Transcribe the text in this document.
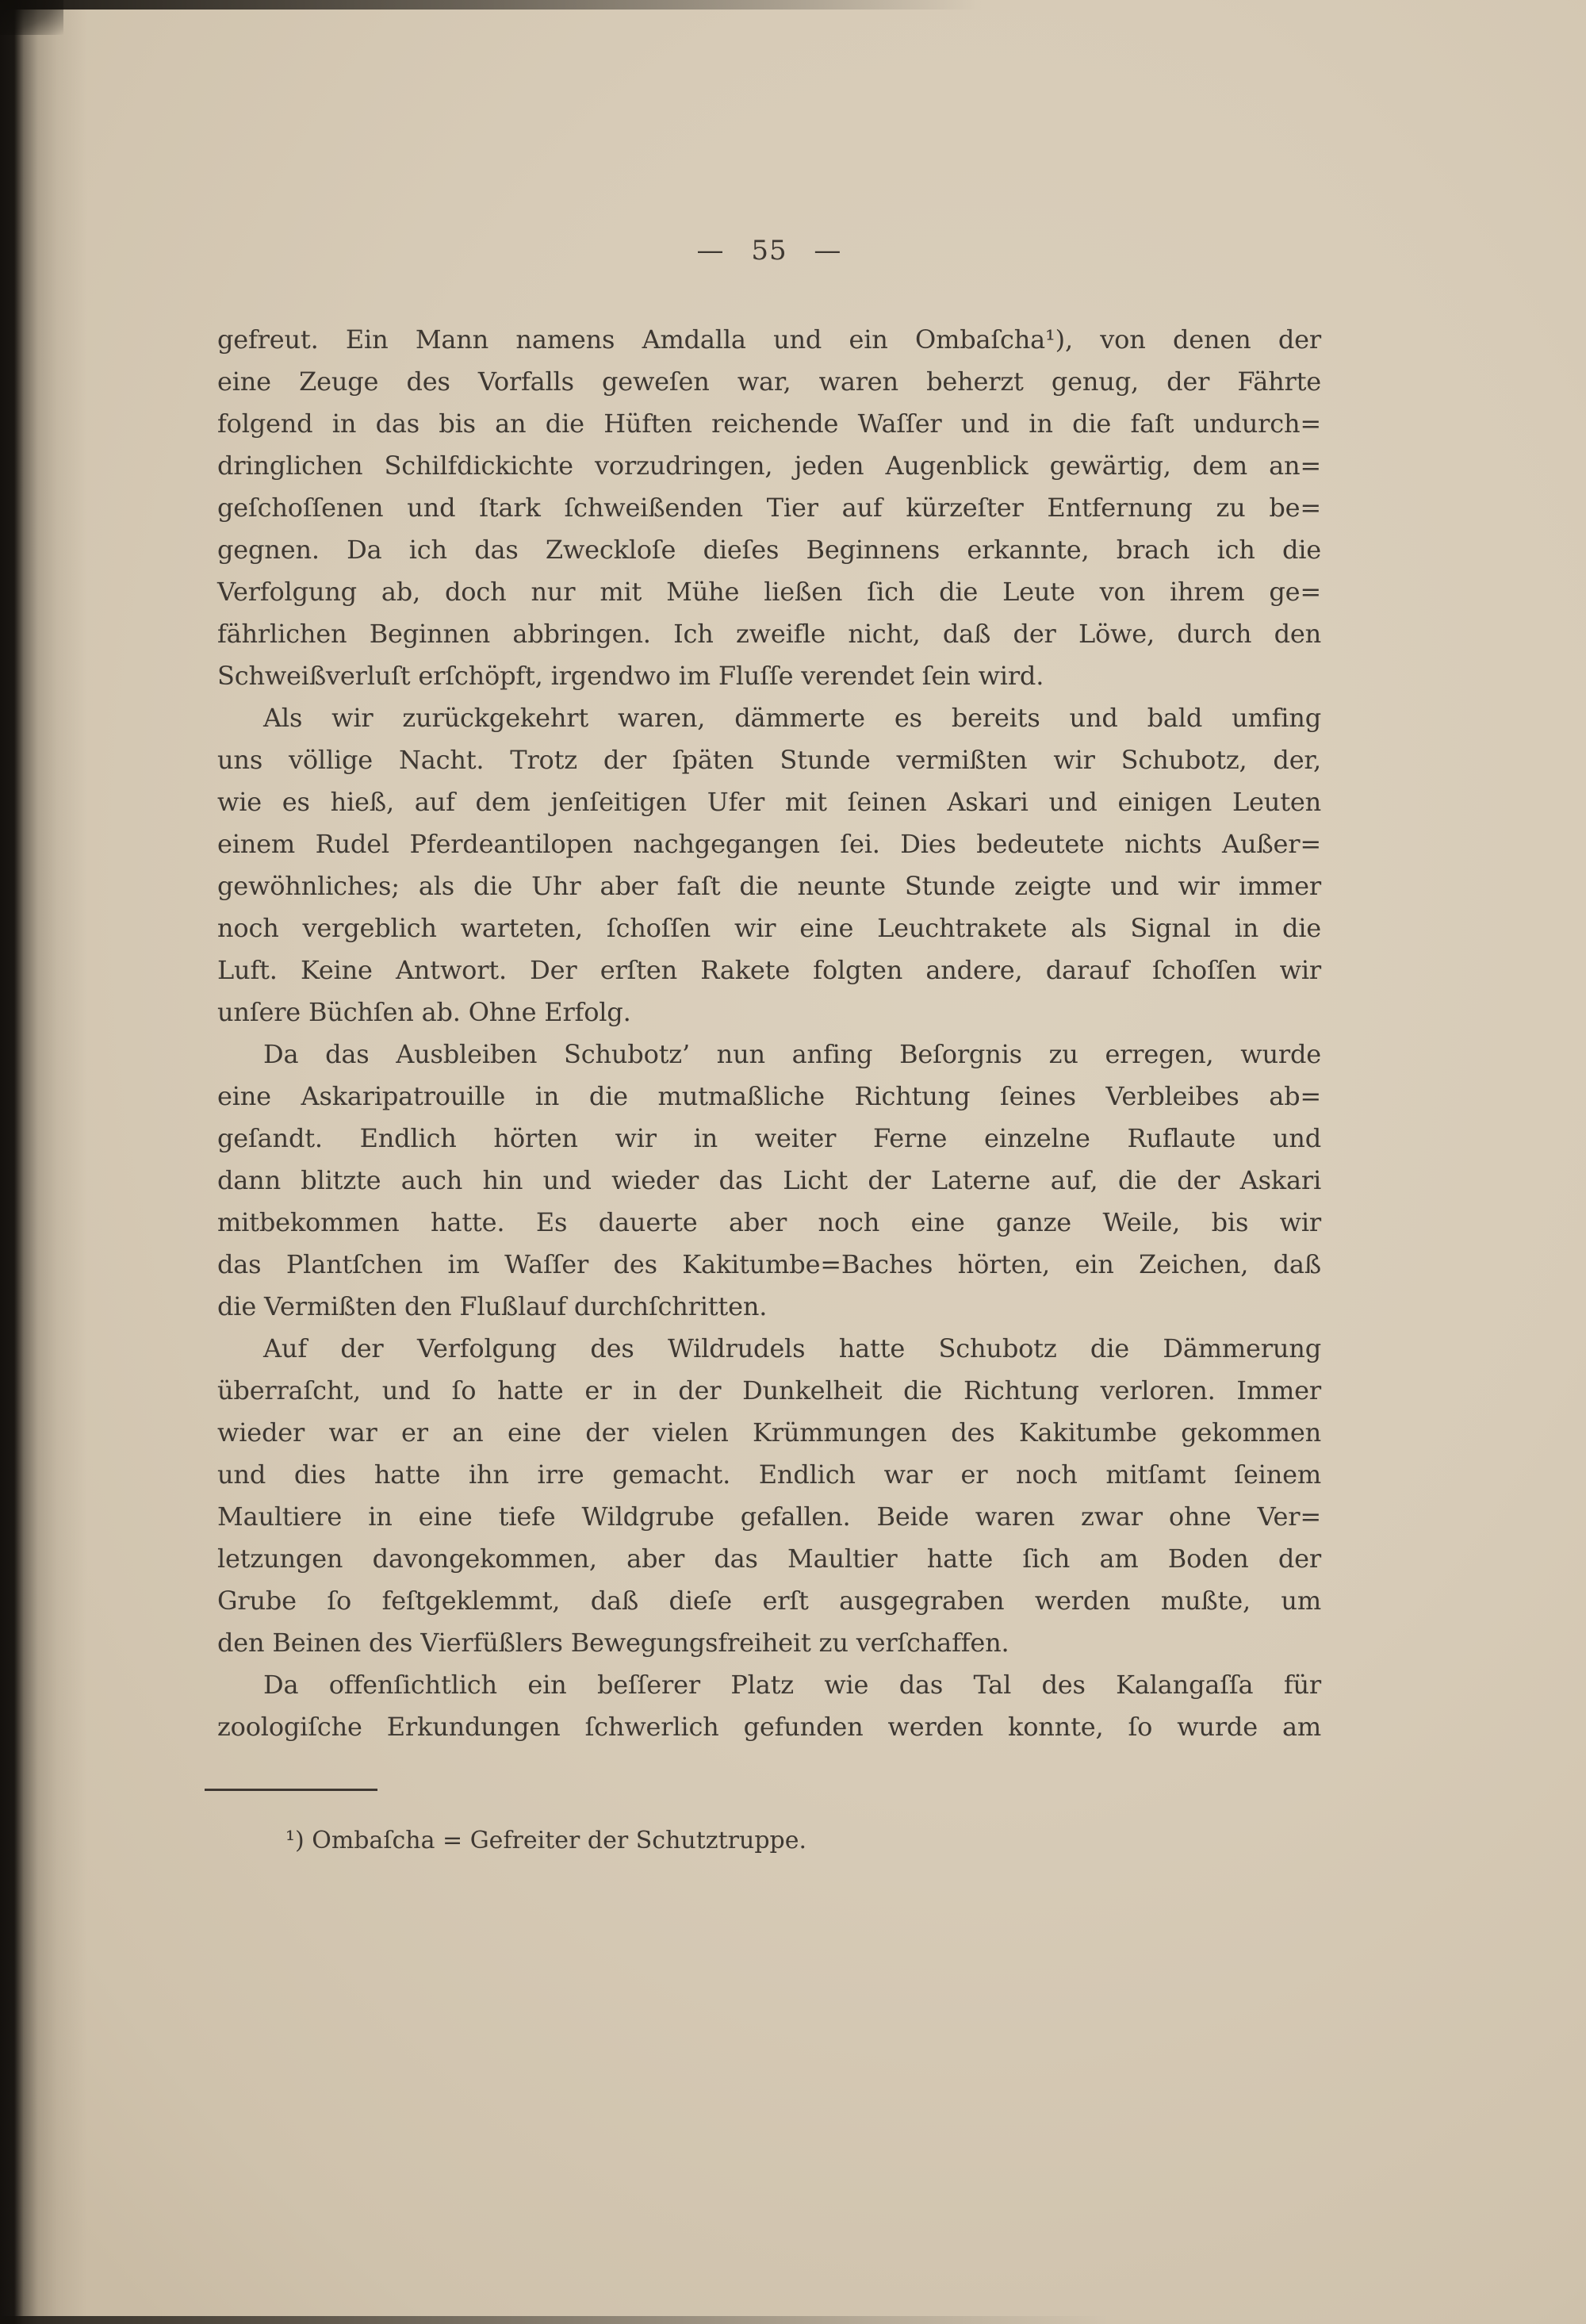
— 55 —
gefreut. Ein Mann namens Amdalla und ein Ombaſcha¹), von denen der
eine Zeuge des Vorfalls geweſen war, waren beherzt genug, der Fährte
folgend in das bis an die Hüften reichende Waſſer und in die faſt undurch=
dringlichen Schilfdickichte vorzudringen, jeden Augenblick gewärtig, dem an=
geſchoſſenen und ſtark ſchweißenden Tier auf kürzeſter Entfernung zu be=
gegnen. Da ich das Zweckloſe dieſes Beginnens erkannte, brach ich die
Verfolgung ab, doch nur mit Mühe ließen ſich die Leute von ihrem ge=
fährlichen Beginnen abbringen. Ich zweifle nicht, daß der Löwe, durch den
Schweißverluſt erſchöpft, irgendwo im Fluſſe verendet ſein wird.
Als wir zurückgekehrt waren, dämmerte es bereits und bald umfing
uns völlige Nacht. Trotz der ſpäten Stunde vermißten wir Schubotz, der,
wie es hieß, auf dem jenſeitigen Ufer mit ſeinen Askari und einigen Leuten
einem Rudel Pferdeantilopen nachgegangen ſei. Dies bedeutete nichts Außer=
gewöhnliches; als die Uhr aber faſt die neunte Stunde zeigte und wir immer
noch vergeblich warteten, ſchoſſen wir eine Leuchtrakete als Signal in die
Luft. Keine Antwort. Der erſten Rakete folgten andere, darauf ſchoſſen wir
unſere Büchſen ab. Ohne Erfolg.
Da das Ausbleiben Schubotz’ nun anfing Beſorgnis zu erregen, wurde
eine Askaripatrouille in die mutmaßliche Richtung ſeines Verbleibes ab=
geſandt. Endlich hörten wir in weiter Ferne einzelne Ruflaute und
dann blitzte auch hin und wieder das Licht der Laterne auf, die der Askari
mitbekommen hatte. Es dauerte aber noch eine ganze Weile, bis wir
das Plantſchen im Waſſer des Kakitumbe=Baches hörten, ein Zeichen, daß
die Vermißten den Flußlauf durchſchritten.
Auf der Verfolgung des Wildrudels hatte Schubotz die Dämmerung
überraſcht, und ſo hatte er in der Dunkelheit die Richtung verloren. Immer
wieder war er an eine der vielen Krümmungen des Kakitumbe gekommen
und dies hatte ihn irre gemacht. Endlich war er noch mitſamt ſeinem
Maultiere in eine tiefe Wildgrube gefallen. Beide waren zwar ohne Ver=
letzungen davongekommen, aber das Maultier hatte ſich am Boden der
Grube ſo feſtgeklemmt, daß dieſe erſt ausgegraben werden mußte, um
den Beinen des Vierfüßlers Bewegungsfreiheit zu verſchaffen.
Da offenſichtlich ein beſſerer Platz wie das Tal des Kalangaſſa für
zoologiſche Erkundungen ſchwerlich gefunden werden konnte, ſo wurde am
¹) Ombaſcha = Gefreiter der Schutztruppe.
